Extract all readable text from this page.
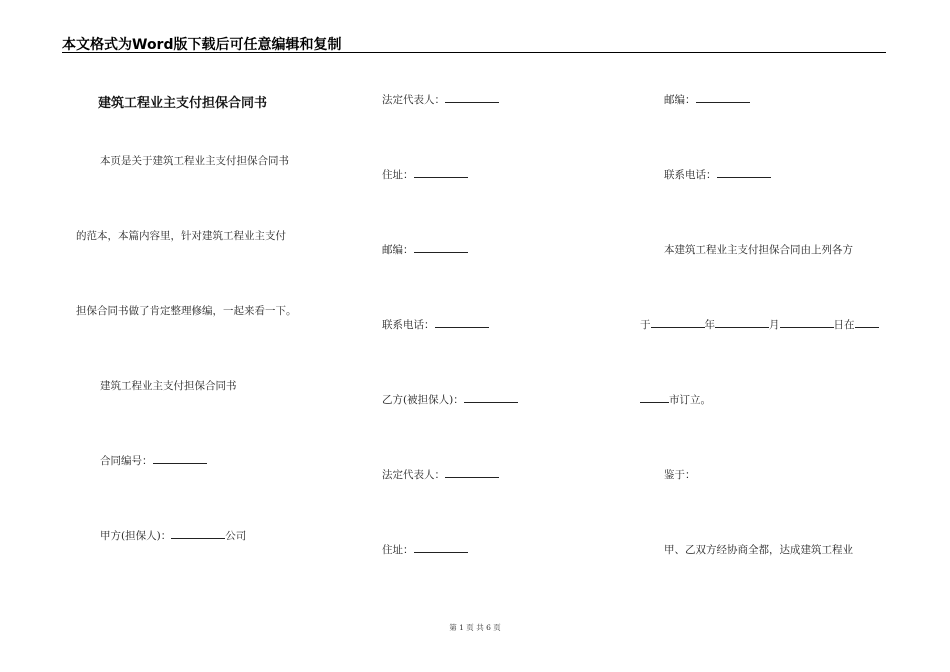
本文格式为Word版下载后可任意编辑和复制
建筑工程业主支付担保合同书
本页是关于建筑工程业主支付担保合同书
的范本，本篇内容里，针对建筑工程业主支付
担保合同书做了肯定整理修编，一起来看一下。
建筑工程业主支付担保合同书
合同编号：
甲方(担保人)：	公司
法定代表人：
住址：
邮编：
联系电话：
乙方(被担保人)：
法定代表人：
住址：
邮编：
联系电话：
本建筑工程业主支付担保合同由上列各方
于	年	月	日在
市订立。
鉴于：
甲、乙双方经协商全都，达成建筑工程业
第 1 页 共 6 页
